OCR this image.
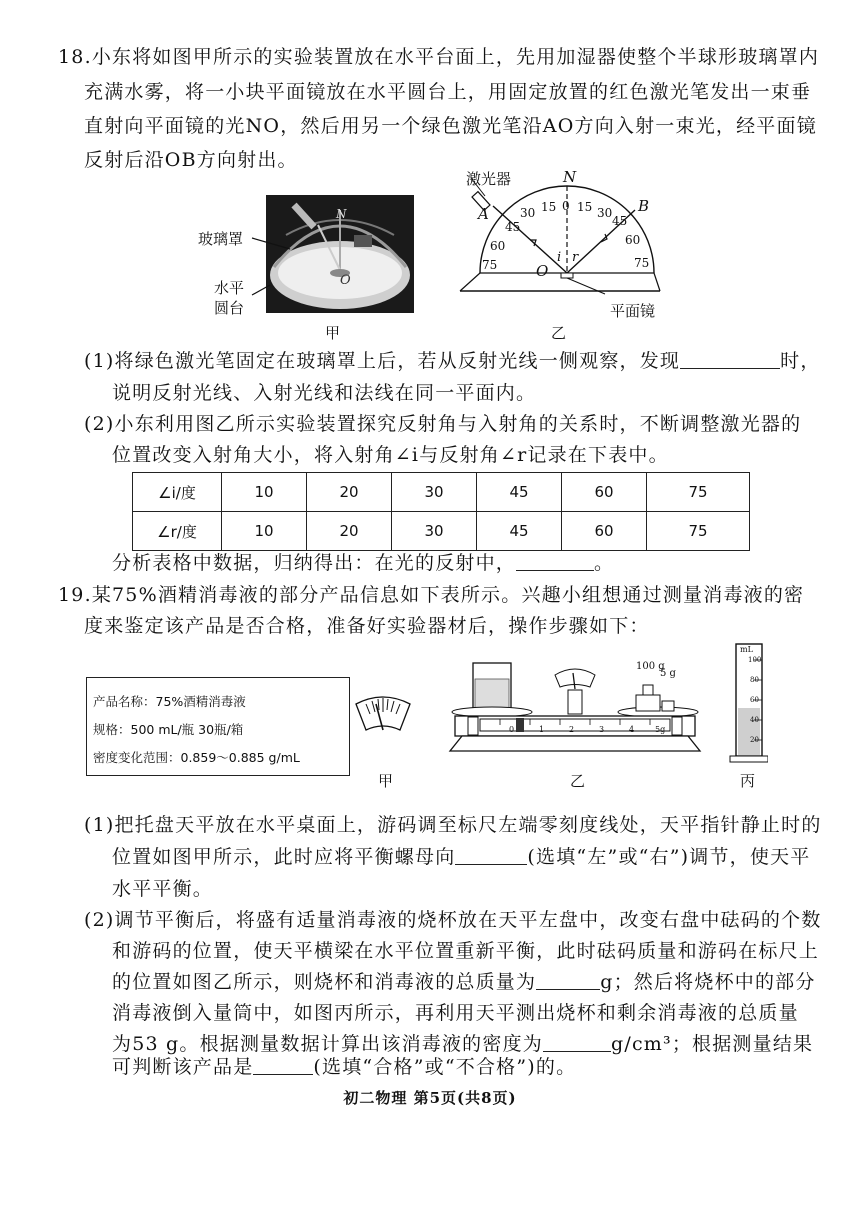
18.小东将如图甲所示的实验装置放在水平台面上，先用加湿器使整个半球形玻璃罩内
充满水雾，将一小块平面镜放在水平圆台上，用固定放置的红色激光笔发出一束垂
直射向平面镜的光NO，然后用另一个绿色激光笔沿AO方向入射一束光，经平面镜
反射后沿OB方向射出。
N
O
玻璃罩
水平圆台
甲
激光器	N
A	B
O
i r
0
15
30
45
60
75
15 30
45
60
75
平面镜
乙
(1)将绿色激光笔固定在玻璃罩上后，若从反射光线一侧观察，发现	时，
说明反射光线、入射光线和法线在同一平面内。
(2)小东利用图乙所示实验装置探究反射角与入射角的关系时，不断调整激光器的
位置改变入射角大小，将入射角∠i与反射角∠r记录在下表中。
∠i/度	10	20	30	45	60	75
∠r/度	10	20	30	45	60	75
分析表格中数据，归纳得出：在光的反射中，	。
19.某75%酒精消毒液的部分产品信息如下表所示。兴趣小组想通过测量消毒液的密
度来鉴定该产品是否合格，准备好实验器材后，操作步骤如下：
产品名称：75%酒精消毒液
规格：500 mL/瓶 30瓶/箱
密度变化范围：0.859～0.885 g/mL
甲
100 g
5 g
0	1	2	3	4	5g
乙
mL
100
80
60
40
20
丙
(1)把托盘天平放在水平桌面上，游码调至标尺左端零刻度线处，天平指针静止时的
位置如图甲所示，此时应将平衡螺母向	(选填“左”或“右”)调节，使天平
水平平衡。
(2)调节平衡后，将盛有适量消毒液的烧杯放在天平左盘中，改变右盘中砝码的个数
和游码的位置，使天平横梁在水平位置重新平衡，此时砝码质量和游码在标尺上
的位置如图乙所示，则烧杯和消毒液的总质量为	g；然后将烧杯中的部分
消毒液倒入量筒中，如图丙所示，再利用天平测出烧杯和剩余消毒液的总质量
为53 g。根据测量数据计算出该消毒液的密度为	g/cm³；根据测量结果
可判断该产品是	(选填“合格”或“不合格”)的。
初二物理 第5页(共8页)
